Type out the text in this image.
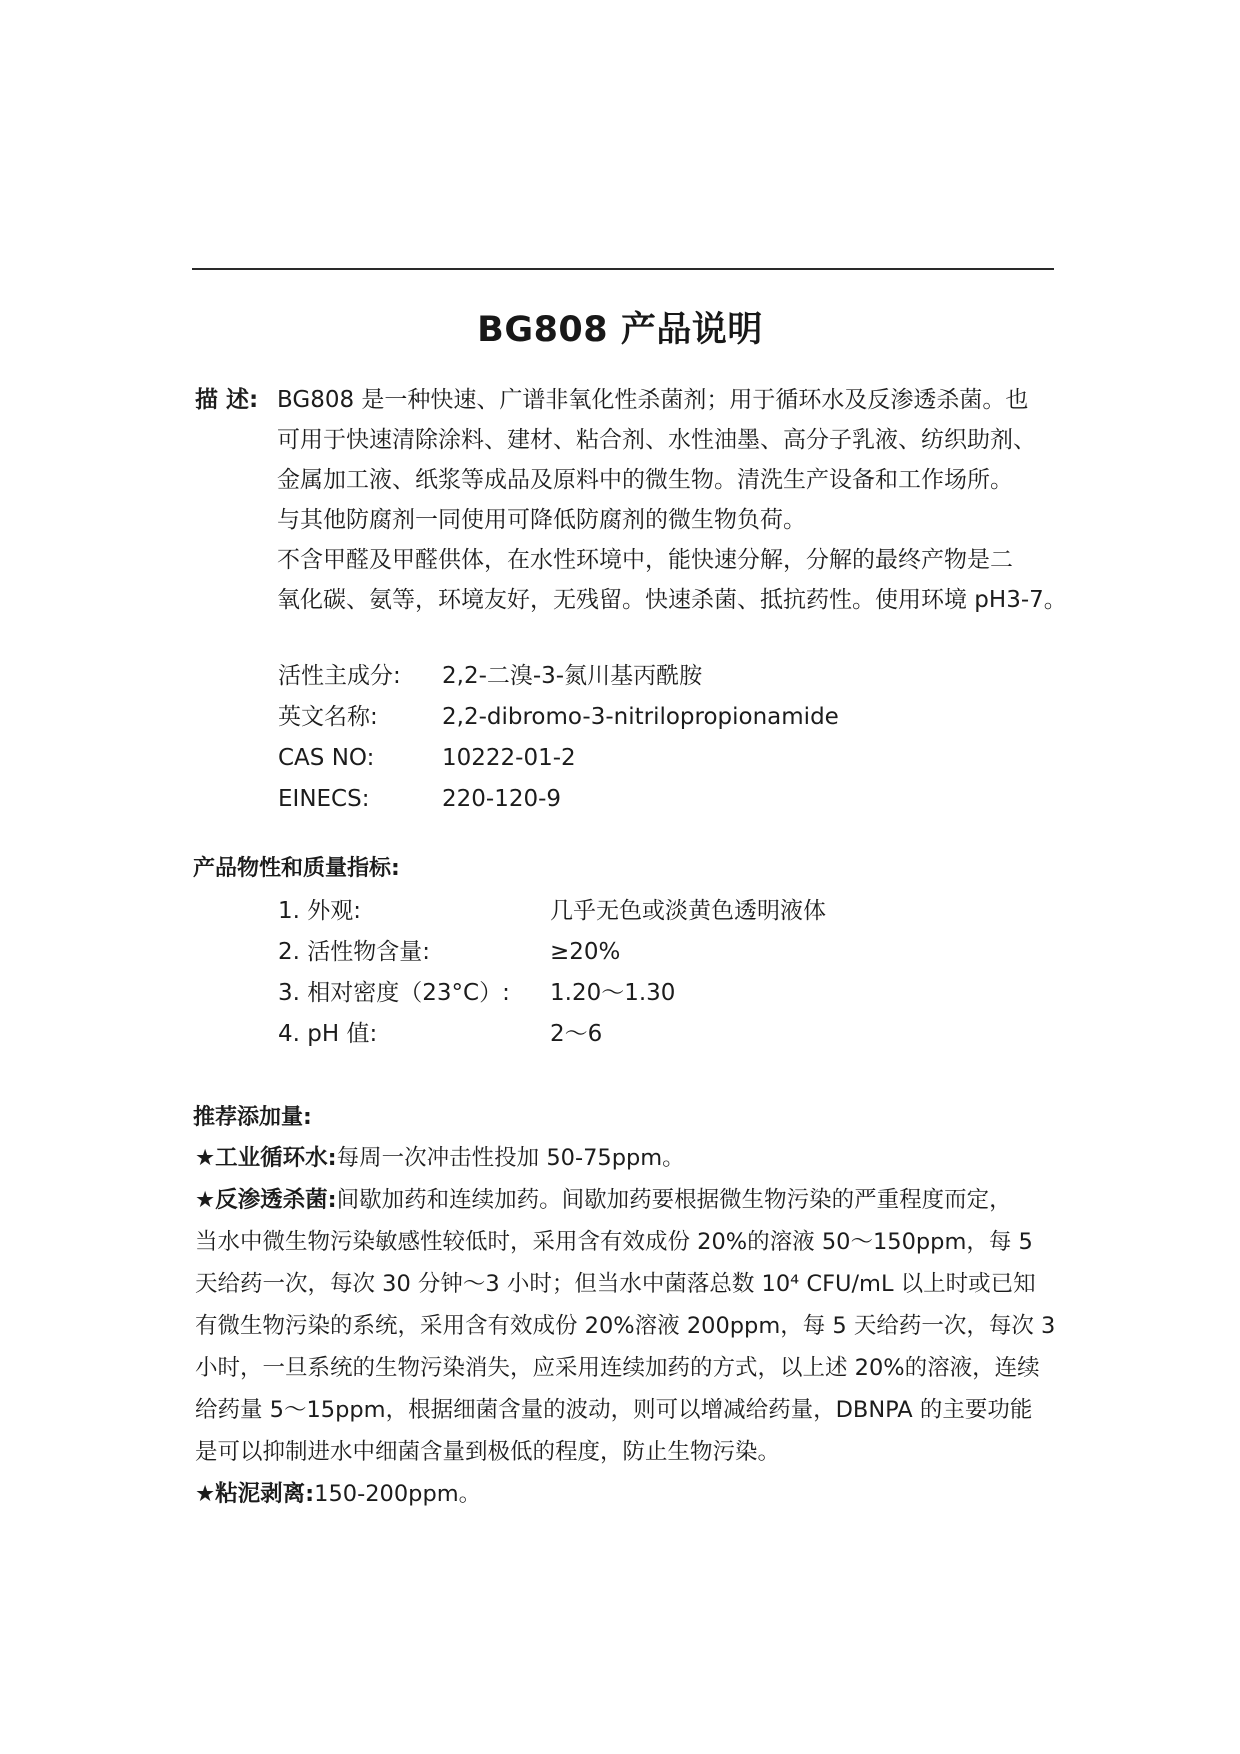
BG808 产品说明
描 述: BG808 是一种快速、广谱非氧化性杀菌剂；用于循环水及反渗透杀菌。也
可用于快速清除涂料、建材、粘合剂、水性油墨、高分子乳液、纺织助剂、
金属加工液、纸浆等成品及原料中的微生物。清洗生产设备和工作场所。
与其他防腐剂一同使用可降低防腐剂的微生物负荷。
不含甲醛及甲醛供体，在水性环境中，能快速分解，分解的最终产物是二
氧化碳、氨等，环境友好，无残留。快速杀菌、抵抗药性。使用环境 pH3-7。
活性主成分: 2,2-二溴-3-氮川基丙酰胺
英文名称:	2,2-dibromo-3-nitrilopropionamide
CAS NO:	10222-01-2
EINECS:	220-120-9
产品物性和质量指标:
1. 外观:	几乎无色或淡黄色透明液体
2. 活性物含量:	≥20%
3. 相对密度（23°C）: 1.20～1.30
4. pH 值:	2～6
推荐添加量:
★工业循环水:每周一次冲击性投加 50-75ppm。
★反渗透杀菌:间歇加药和连续加药。间歇加药要根据微生物污染的严重程度而定，
当水中微生物污染敏感性较低时，采用含有效成份 20%的溶液 50～150ppm，每 5
天给药一次，每次 30 分钟～3 小时；但当水中菌落总数 10⁴ CFU/mL 以上时或已知
有微生物污染的系统，采用含有效成份 20%溶液 200ppm，每 5 天给药一次，每次 3
小时，一旦系统的生物污染消失，应采用连续加药的方式，以上述 20%的溶液，连续
给药量 5～15ppm，根据细菌含量的波动，则可以增减给药量，DBNPA 的主要功能
是可以抑制进水中细菌含量到极低的程度，防止生物污染。
★粘泥剥离:150-200ppm。
